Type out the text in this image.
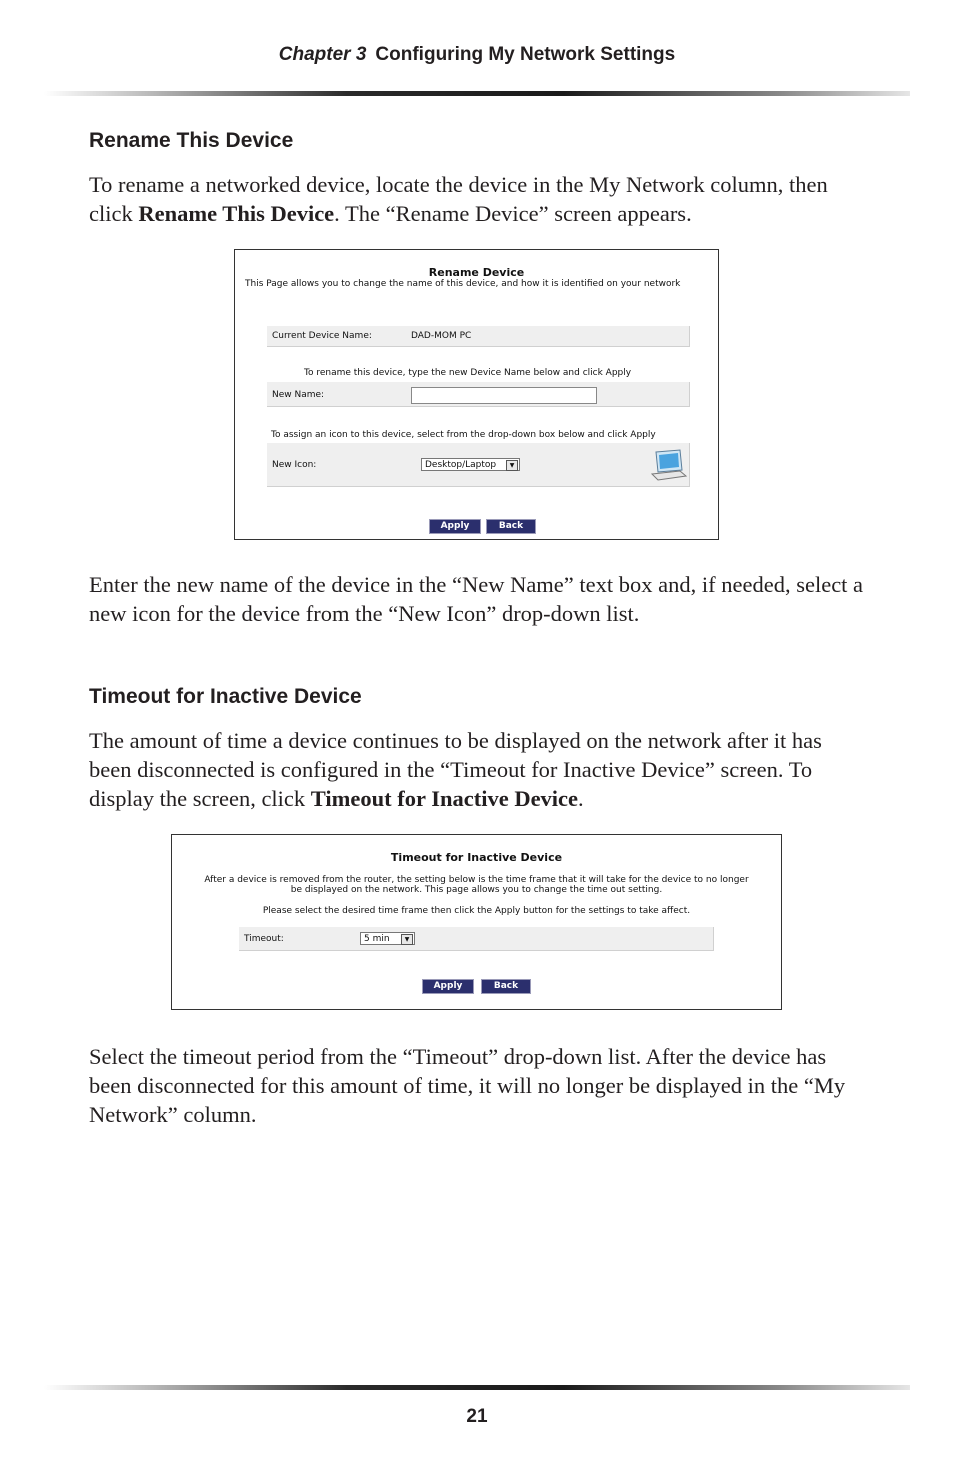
Chapter 3 Configuring My Network Settings
Rename This Device

To rename a networked device, locate the device in the My Network column, then click Rename This Device. The “Rename Device” screen appears.

Rename Device
This Page allows you to change the name of this device, and how it is identified on your network
Current Device Name:	DAD-MOM PC
To rename this device, type the new Device Name below and click Apply
New Name:
To assign an icon to this device, select from the drop-down box below and click Apply
New Icon:	Desktop/Laptop	▼
Apply	Back

Enter the new name of the device in the “New Name” text box and, if needed, select a new icon for the device from the “New Icon” drop-down list.

Timeout for Inactive Device

The amount of time a device continues to be displayed on the network after it has been disconnected is configured in the “Timeout for Inactive Device” screen. To display the screen, click Timeout for Inactive Device.

Timeout for Inactive Device
After a device is removed from the router, the setting below is the time frame that it will take for the device to no longer
be displayed on the network. This page allows you to change the time out setting.
Please select the desired time frame then click the Apply button for the settings to take affect.
Timeout:	5 min	▼
Apply	Back

Select the timeout period from the “Timeout” drop-down list. After the device has been disconnected for this amount of time, it will no longer be displayed in the “My Network” column.

21
